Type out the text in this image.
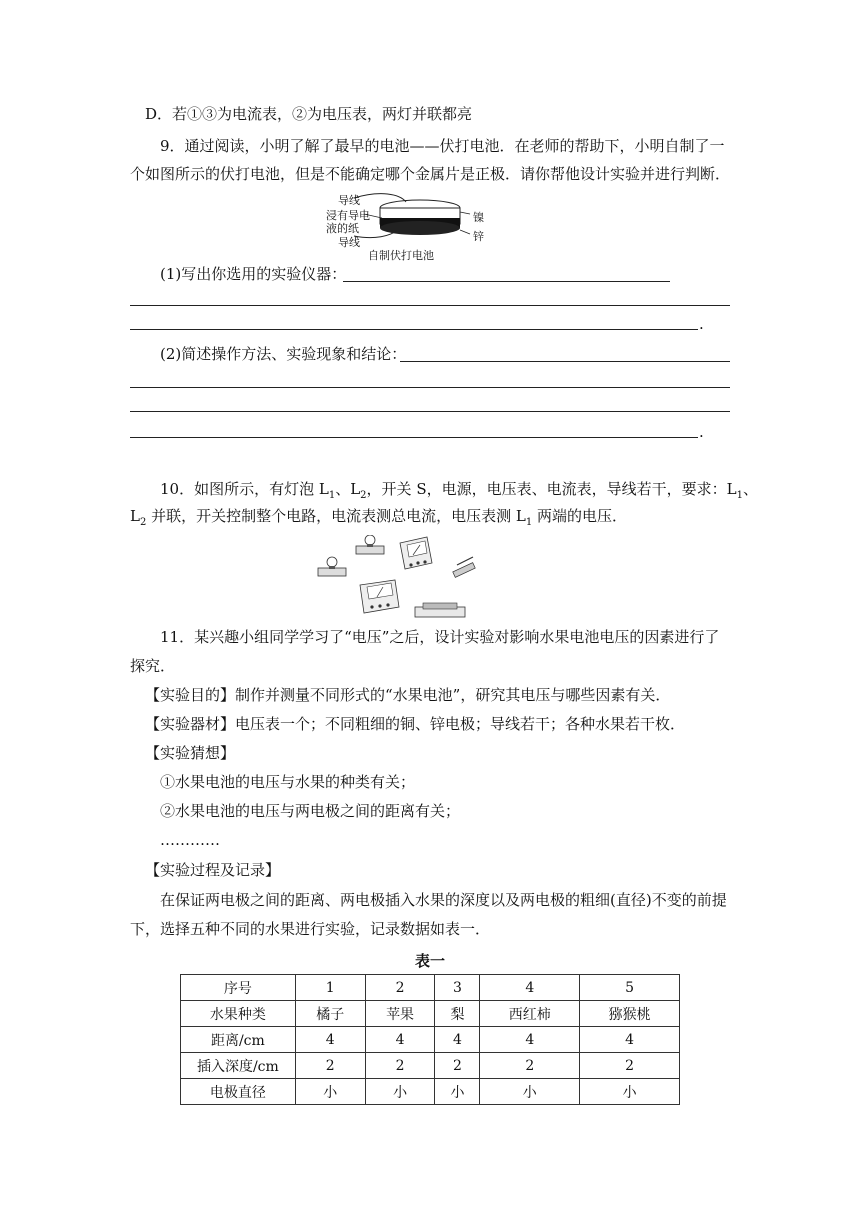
D．若①③为电流表，②为电压表，两灯并联都亮
9．通过阅读，小明了解了最早的电池——伏打电池．在老师的帮助下，小明自制了一
个如图所示的伏打电池，但是不能确定哪个金属片是正极．请你帮他设计实验并进行判断．
导线
浸有导电
液的纸
导线
镍
锌
自制伏打电池
(1)写出你选用的实验仪器：
.
(2)简述操作方法、实验现象和结论：
.
10．如图所示，有灯泡 $L_1$、$L_2$，开关 S，电源，电压表、电流表，导线若干，要求：$L_1$、
$L_2$ 并联，开关控制整个电路，电流表测总电流，电压表测 $L_1$ 两端的电压．
11．某兴趣小组同学学习了“电压”之后，设计实验对影响水果电池电压的因素进行了
探究．
【实验目的】制作并测量不同形式的“水果电池”，研究其电压与哪些因素有关．
【实验器材】电压表一个；不同粗细的铜、锌电极；导线若干；各种水果若干枚．
【实验猜想】
①水果电池的电压与水果的种类有关；
②水果电池的电压与两电极之间的距离有关；
…………
【实验过程及记录】
在保证两电极之间的距离、两电极插入水果的深度以及两电极的粗细(直径)不变的前提
下，选择五种不同的水果进行实验，记录数据如表一．
表一
序号	1	2	3	4	5
水果种类	橘子	苹果	梨	西红柿	猕猴桃
距离/cm	4	4	4	4	4
插入深度/cm	2	2	2	2	2
电极直径	小	小	小	小	小
